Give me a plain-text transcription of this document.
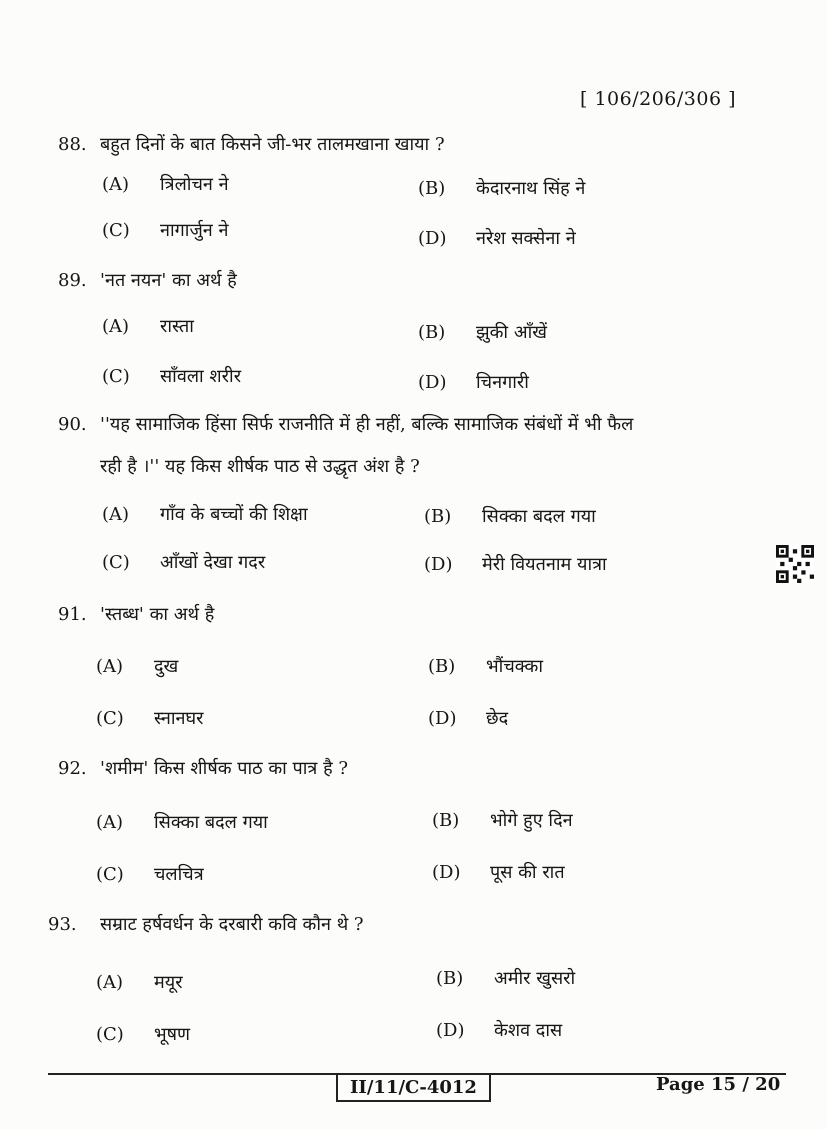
[ 106/206/306 ]
88. बहुत दिनों के बात किसने जी-भर तालमखाना खाया ?
(A) त्रिलोचन ने	(B) केदारनाथ सिंह ने
(C) नागार्जुन ने	(D) नरेश सक्सेना ने
89. 'नत नयन' का अर्थ है
(A) रास्ता	(B) झुकी आँखें
(C) साँवला शरीर	(D) चिनगारी
90. ''यह सामाजिक हिंसा सिर्फ राजनीति में ही नहीं, बल्कि सामाजिक संबंधों में भी फैल
रही है ।'' यह किस शीर्षक पाठ से उद्धृत अंश है ?
(A) गाँव के बच्चों की शिक्षा	(B) सिक्का बदल गया
(C) आँखों देखा गदर	(D) मेरी वियतनाम यात्रा
91. 'स्तब्ध' का अर्थ है
(A) दुख	(B) भौंचक्का
(C) स्नानघर	(D) छेद
92. 'शमीम' किस शीर्षक पाठ का पात्र है ?
(A) सिक्का बदल गया	(B) भोगे हुए दिन
(C) चलचित्र	(D) पूस की रात
93. सम्राट हर्षवर्धन के दरबारी कवि कौन थे ?
(A) मयूर	(B) अमीर खुसरो
(C) भूषण	(D) केशव दास
II/11/C-4012	Page 15 / 20
